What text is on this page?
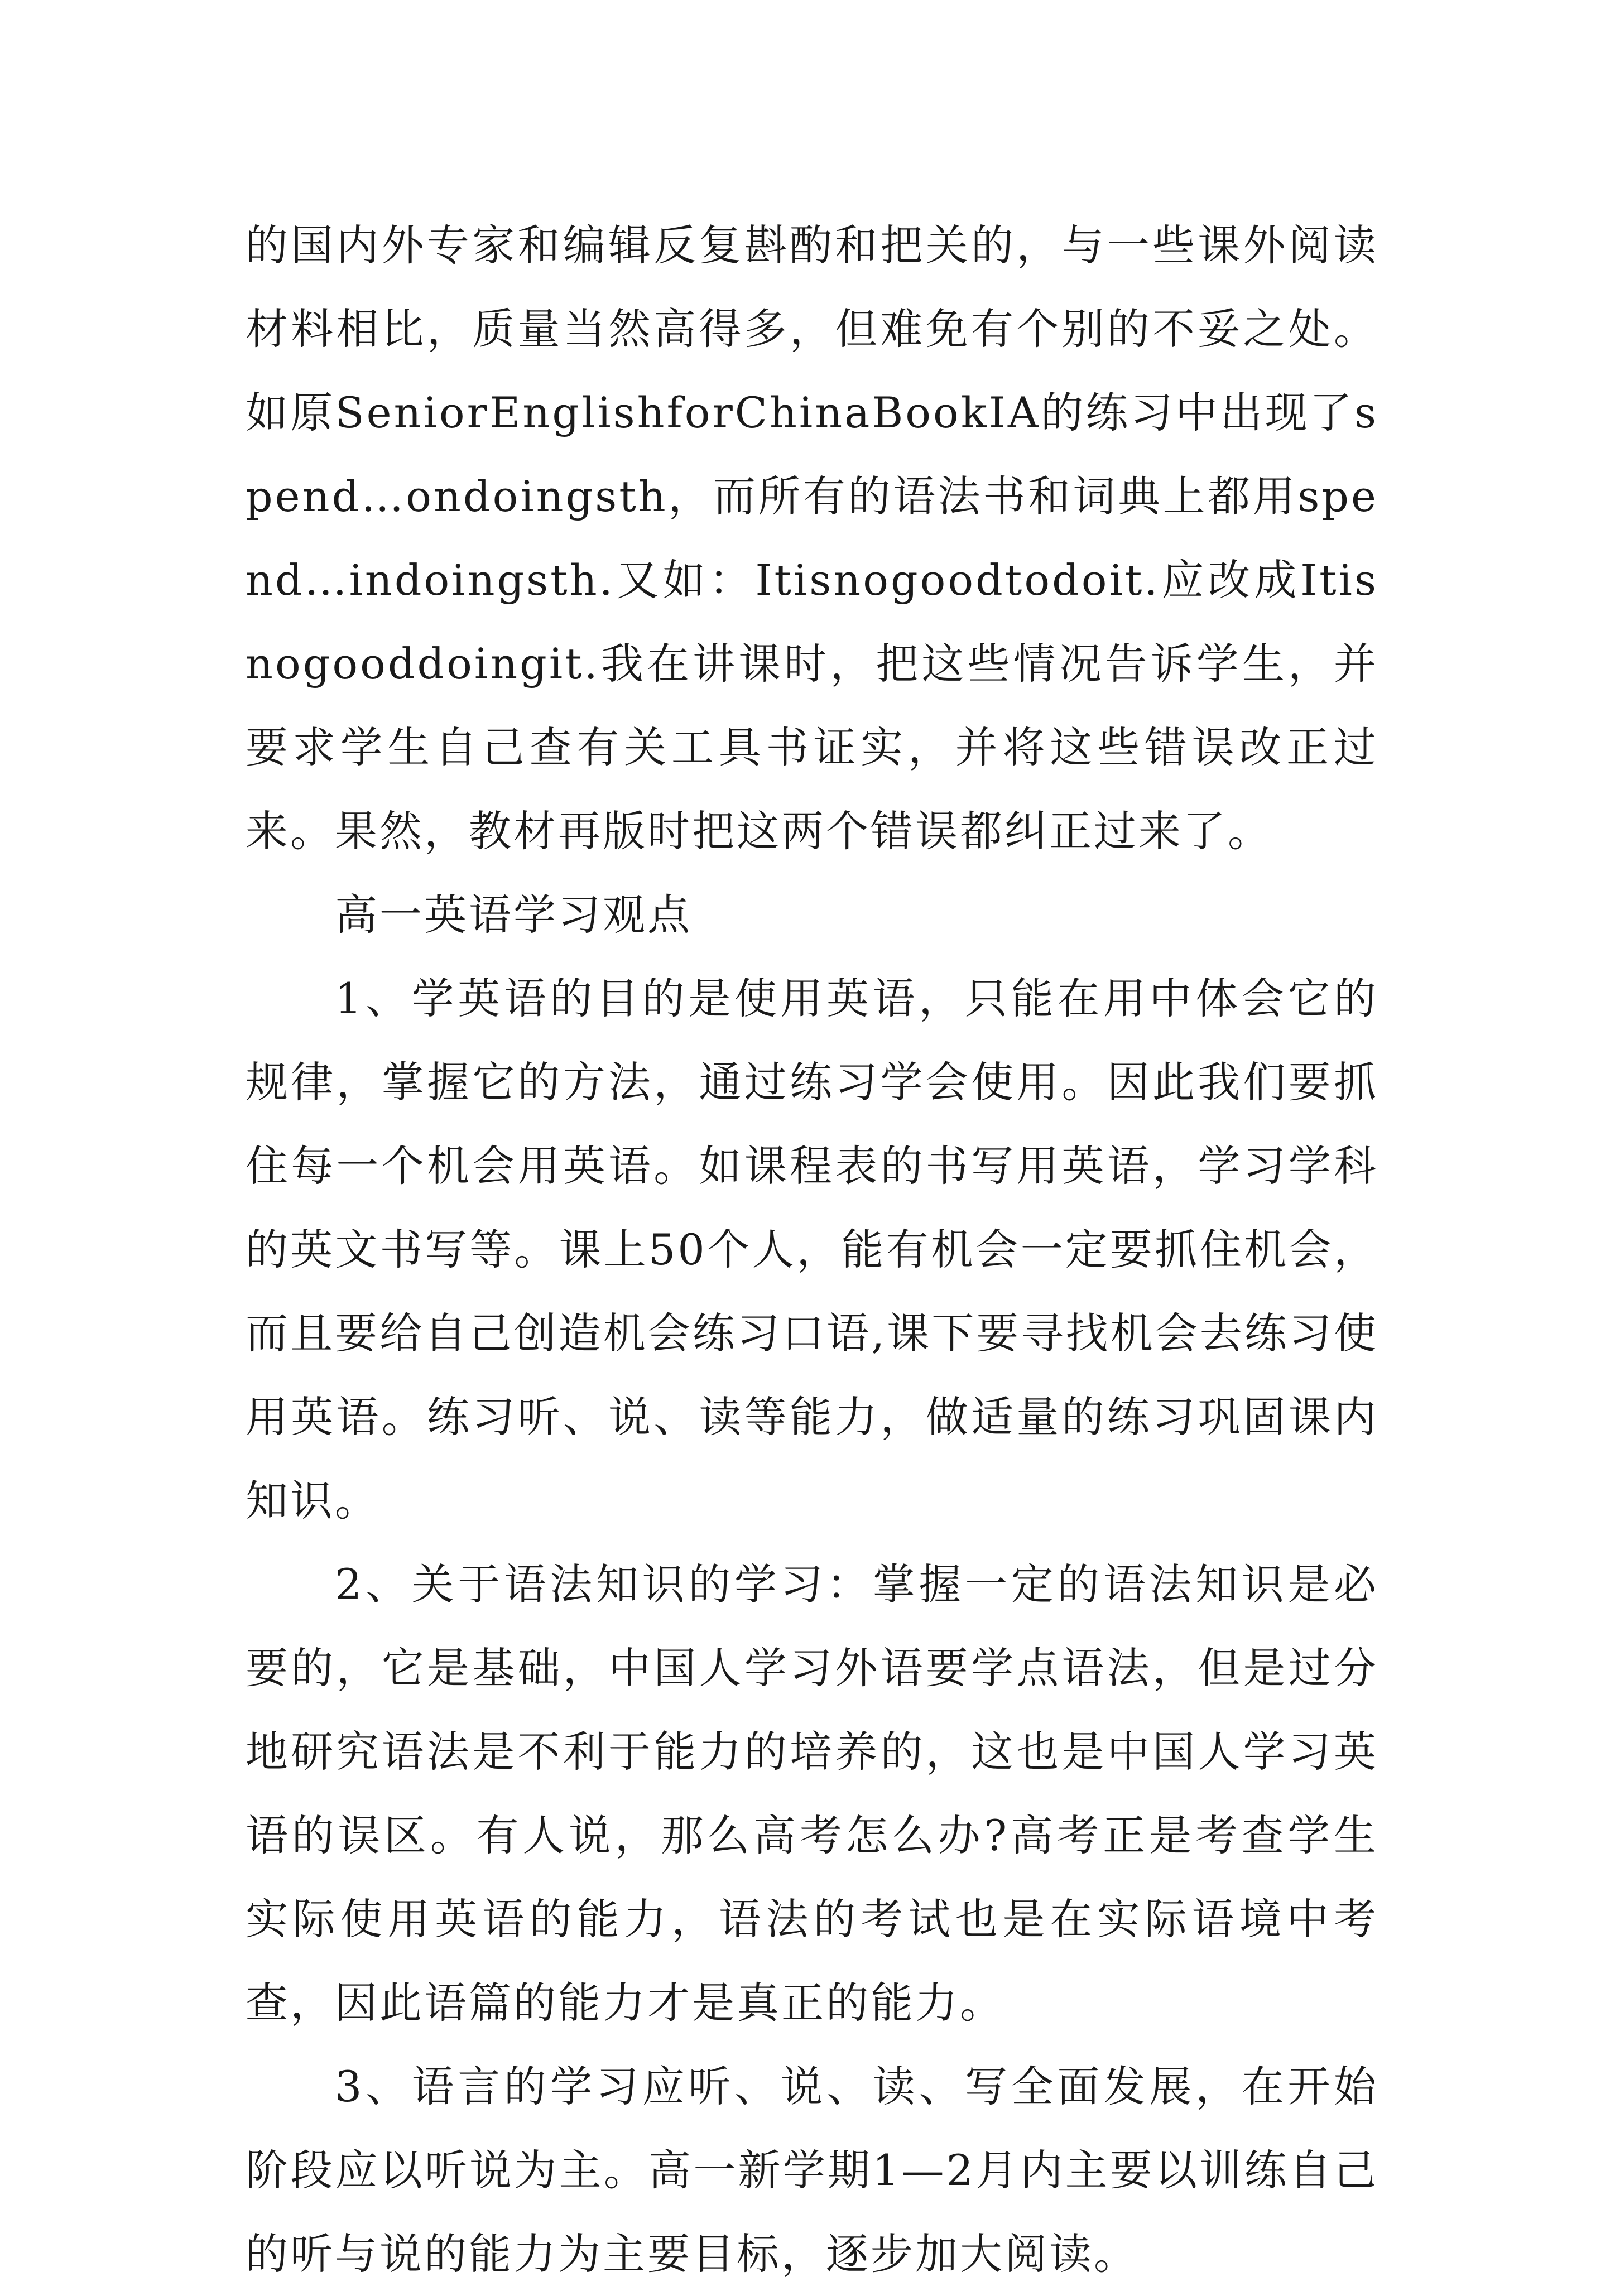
的国内外专家和编辑反复斟酌和把关的，与一些课外阅读材料相比，质量当然高得多，但难免有个别的不妥之处。如原SeniorEnglishforChinaBookIA的练习中出现了spend…ondoingsth，而所有的语法书和词典上都用spend…indoingsth.又如：Itisnogoodtodoit.应改成Itisnogooddoingit.我在讲课时，把这些情况告诉学生，并要求学生自己查有关工具书证实，并将这些错误改正过来。果然，教材再版时把这两个错误都纠正过来了。

高一英语学习观点

1、学英语的目的是使用英语，只能在用中体会它的规律，掌握它的方法，通过练习学会使用。因此我们要抓住每一个机会用英语。如课程表的书写用英语，学习学科的英文书写等。课上50个人，能有机会一定要抓住机会，而且要给自己创造机会练习口语,课下要寻找机会去练习使用英语。练习听、说、读等能力，做适量的练习巩固课内知识。

2、关于语法知识的学习：掌握一定的语法知识是必要的，它是基础，中国人学习外语要学点语法，但是过分地研究语法是不利于能力的培养的，这也是中国人学习英语的误区。有人说，那么高考怎么办?高考正是考查学生实际使用英语的能力，语法的考试也是在实际语境中考查，因此语篇的能力才是真正的能力。

3、语言的学习应听、说、读、写全面发展，在开始阶段应以听说为主。高一新学期1—2月内主要以训练自己的听与说的能力为主要目标，逐步加大阅读。
